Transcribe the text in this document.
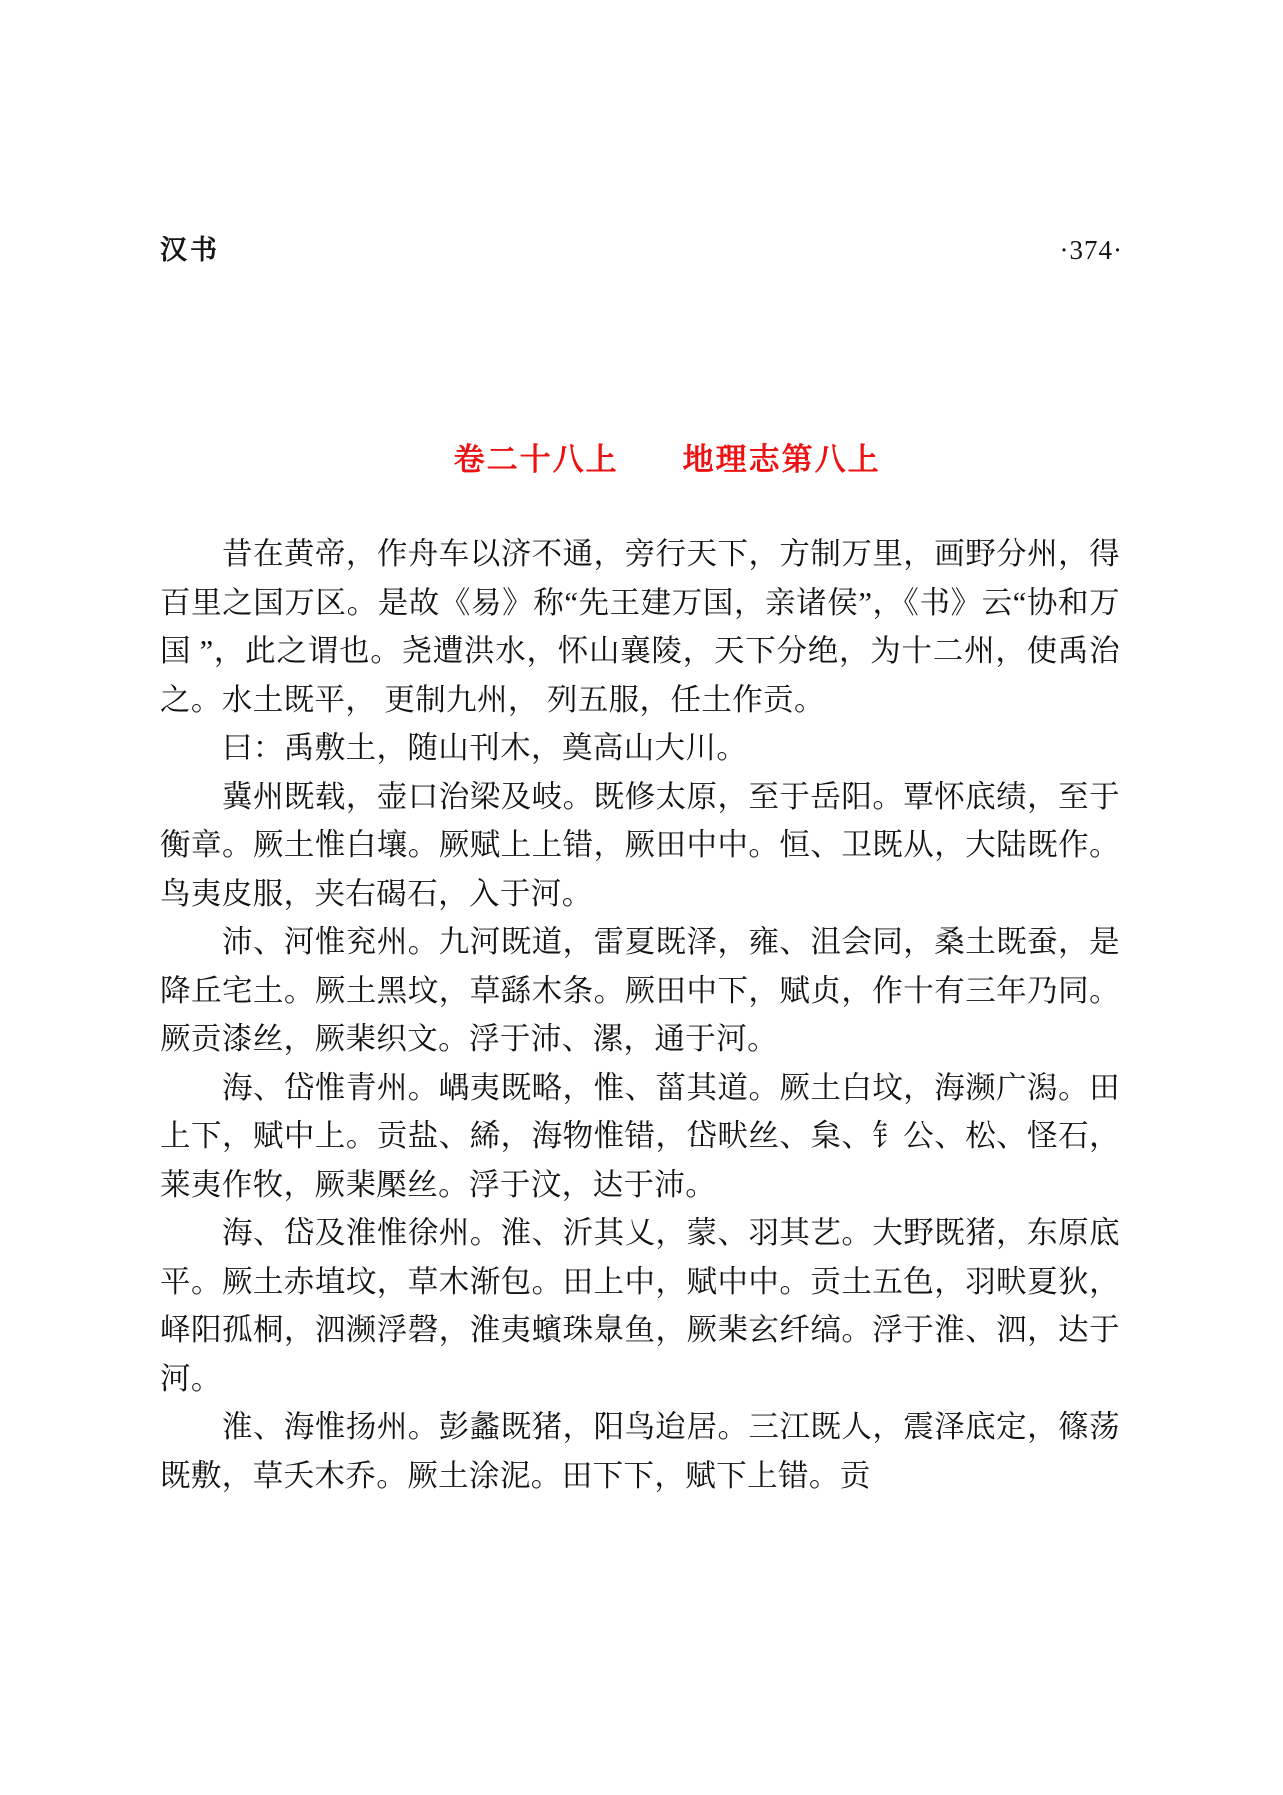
汉书	·374·

卷二十八上 地理志第八上

昔在黄帝，作舟车以济不通，旁行天下，方制万里，画野分州，得百里之国万区。是故《易》称“先王建万国，亲诸侯”，《书》云“协和万国 ”，此之谓也。尧遭洪水，怀山襄陵，天下分绝，为十二州，使禹治之。水土既平， 更制九州， 列五服，任土作贡。

曰：禹敷土，随山刊木，奠高山大川。

冀州既载，壶口治梁及岐。既修太原，至于岳阳。覃怀底绩，至于衡章。厥土惟白壤。厥赋上上错，厥田中中。恒、卫既从，大陆既作。鸟夷皮服，夹右碣石，入于河。

沛、河惟兖州。九河既道，雷夏既泽，雍、沮会同，桑土既蚕，是降丘宅土。厥土黑坟，草繇木条。厥田中下，赋贞，作十有三年乃同。厥贡漆丝，厥棐织文。浮于沛、漯，通于河。

海、岱惟青州。嵎夷既略，惟、菑其道。厥土白坟，海濒广潟。田上下，赋中上。贡盐、絺，海物惟错，岱畎丝、枲、钅公、松、怪石，莱夷作牧，厥棐檿丝。浮于汶，达于沛。

海、岱及淮惟徐州。淮、沂其乂，蒙、羽其艺。大野既猪，东原底平。厥土赤埴坟，草木渐包。田上中，赋中中。贡土五色，羽畎夏狄，峄阳孤桐，泗濒浮磬，淮夷蠙珠臮鱼，厥棐玄纤缟。浮于淮、泗，达于河。

淮、海惟扬州。彭蠡既猪，阳鸟迨居。三江既人，震泽底定，篠荡既敷，草夭木乔。厥土涂泥。田下下，赋下上错。贡
